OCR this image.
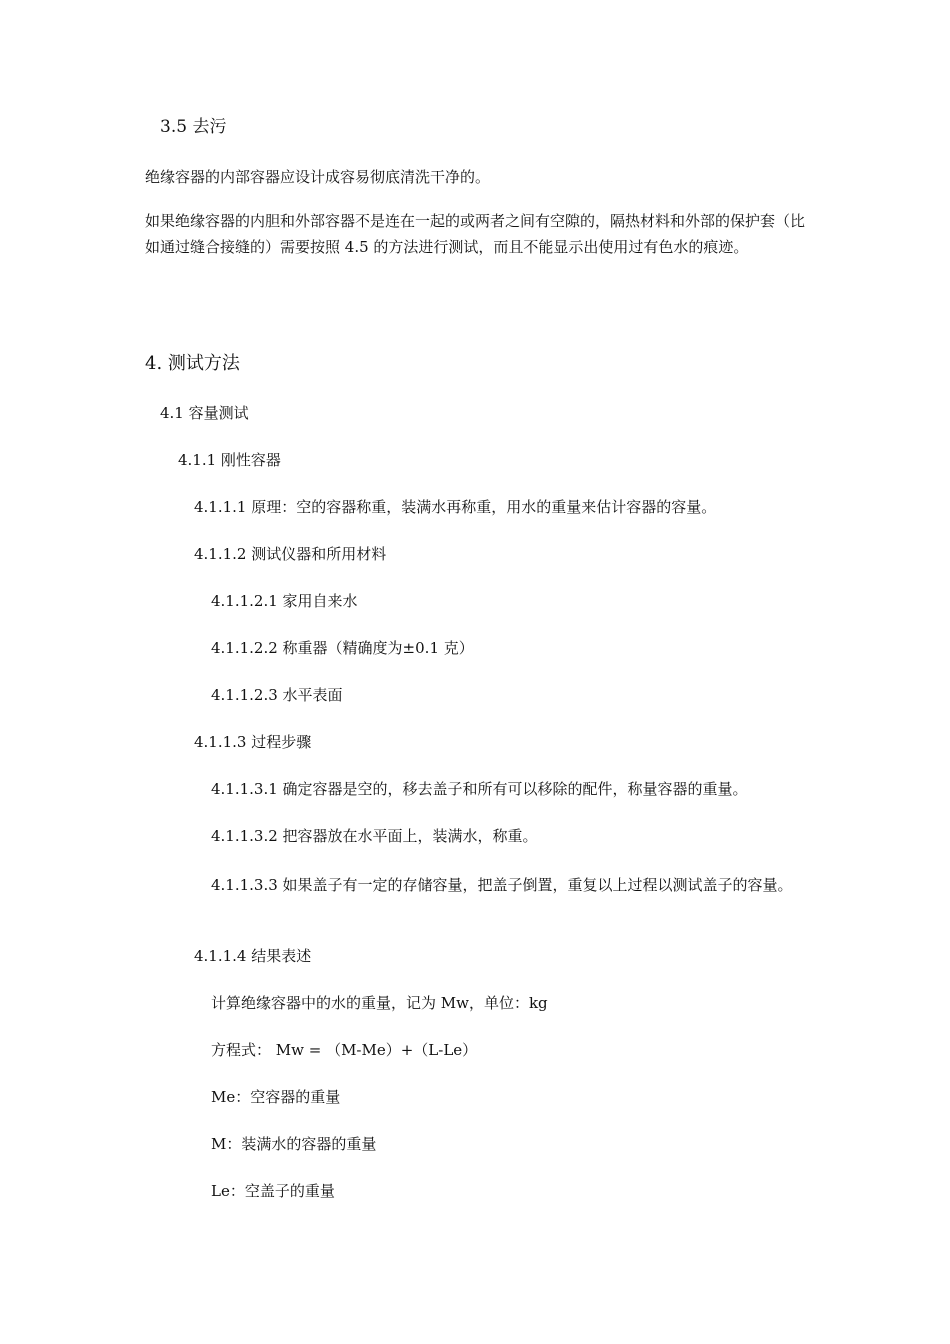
3.5 去污
绝缘容器的内部容器应设计成容易彻底清洗干净的。
如果绝缘容器的内胆和外部容器不是连在一起的或两者之间有空隙的，隔热材料和外部的保护套（比如通过缝合接缝的）需要按照 4.5 的方法进行测试，而且不能显示出使用过有色水的痕迹。
4. 测试方法
4.1 容量测试
4.1.1 刚性容器
4.1.1.1 原理：空的容器称重，装满水再称重，用水的重量来估计容器的容量。
4.1.1.2 测试仪器和所用材料
4.1.1.2.1 家用自来水
4.1.1.2.2 称重器（精确度为±0.1 克）
4.1.1.2.3 水平表面
4.1.1.3 过程步骤
4.1.1.3.1 确定容器是空的，移去盖子和所有可以移除的配件，称量容器的重量。
4.1.1.3.2 把容器放在水平面上，装满水，称重。
4.1.1.3.3 如果盖子有一定的存储容量，把盖子倒置，重复以上过程以测试盖子的容量。
4.1.1.4 结果表述
计算绝缘容器中的水的重量，记为 Mw，单位：kg
方程式： Mw = （M-Me）+（L-Le）
Me：空容器的重量
M：装满水的容器的重量
Le：空盖子的重量
